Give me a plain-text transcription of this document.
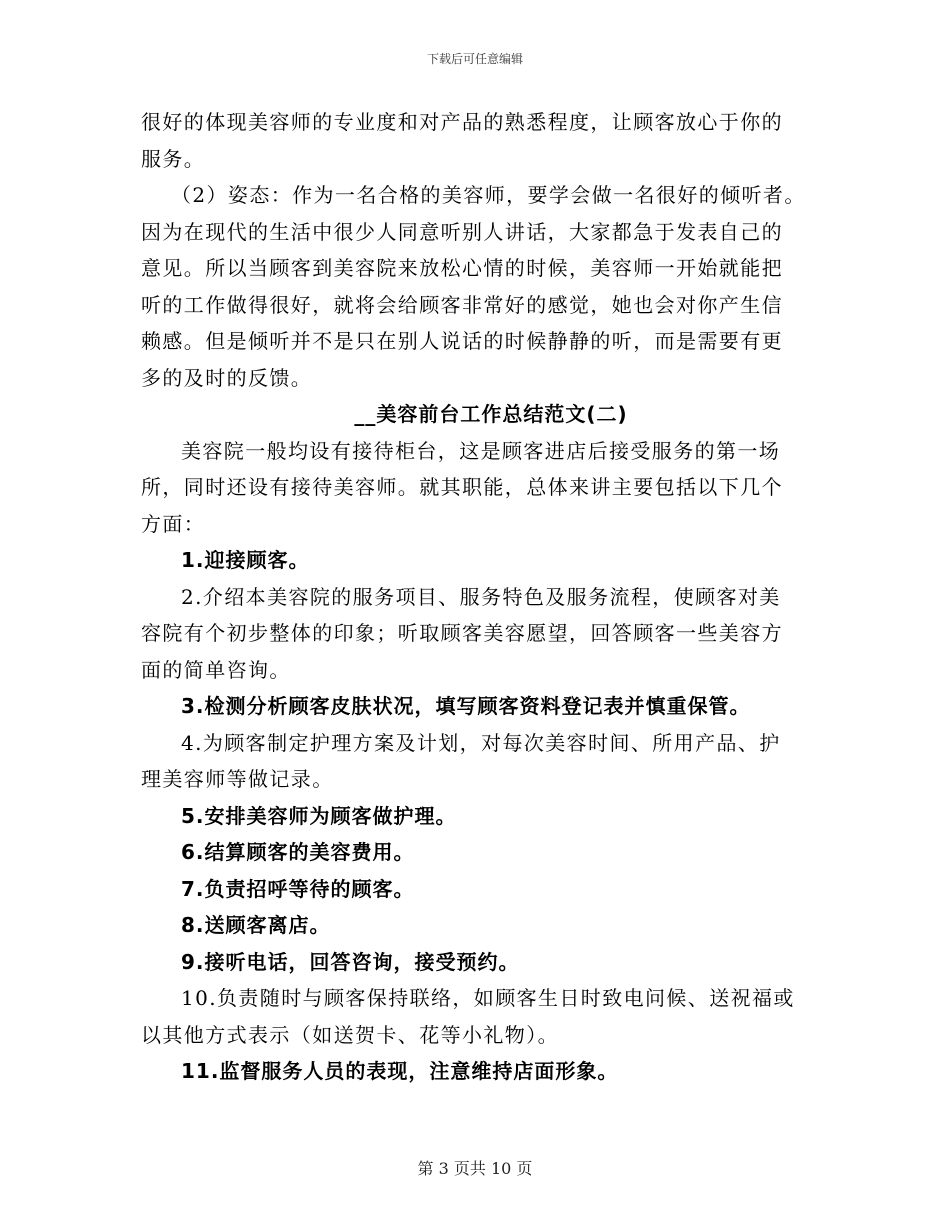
下载后可任意编辑
很好的体现美容师的专业度和对产品的熟悉程度，让顾客放心于你的
服务。
（2）姿态：作为一名合格的美容师，要学会做一名很好的倾听者。
因为在现代的生活中很少人同意听别人讲话，大家都急于发表自己的
意见。所以当顾客到美容院来放松心情的时候，美容师一开始就能把
听的工作做得很好，就将会给顾客非常好的感觉，她也会对你产生信
赖感。但是倾听并不是只在别人说话的时候静静的听，而是需要有更
多的及时的反馈。
__美容前台工作总结范文(二)
美容院一般均设有接待柜台，这是顾客进店后接受服务的第一场
所，同时还设有接待美容师。就其职能，总体来讲主要包括以下几个
方面：
1.迎接顾客。
2.介绍本美容院的服务项目、服务特色及服务流程，使顾客对美
容院有个初步整体的印象；听取顾客美容愿望，回答顾客一些美容方
面的简单咨询。
3.检测分析顾客皮肤状况，填写顾客资料登记表并慎重保管。
4.为顾客制定护理方案及计划，对每次美容时间、所用产品、护
理美容师等做记录。
5.安排美容师为顾客做护理。
6.结算顾客的美容费用。
7.负责招呼等待的顾客。
8.送顾客离店。
9.接听电话，回答咨询，接受预约。
10.负责随时与顾客保持联络，如顾客生日时致电问候、送祝福或
以其他方式表示（如送贺卡、花等小礼物）。
11.监督服务人员的表现，注意维持店面形象。
第 3 页共 10 页
